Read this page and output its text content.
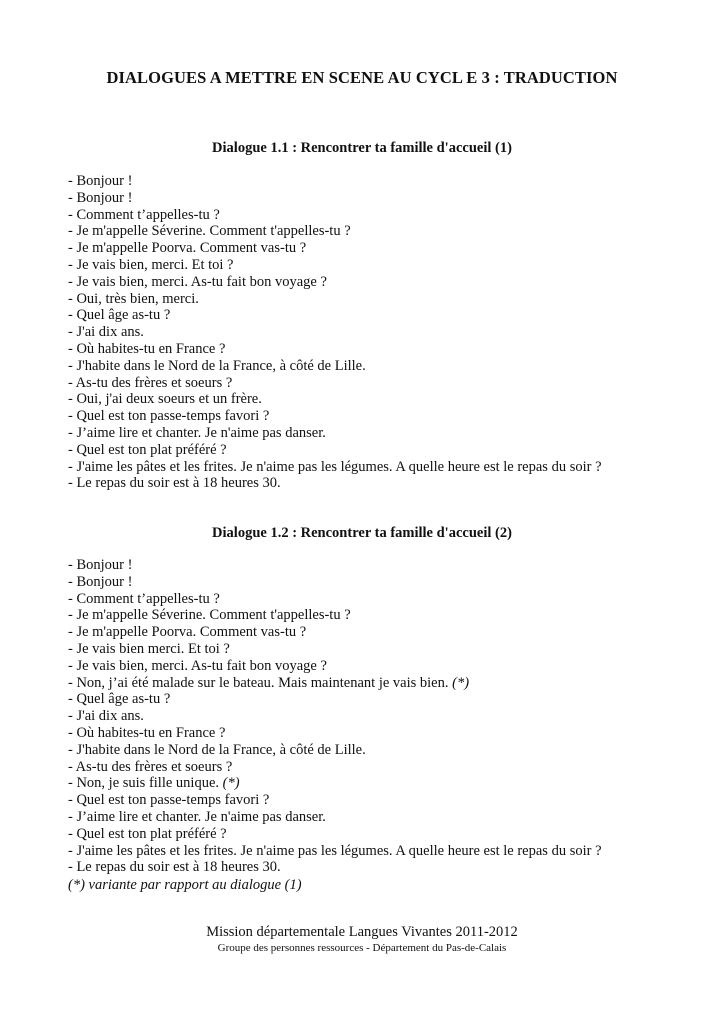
DIALOGUES A METTRE EN SCENE AU CYCL E 3 : TRADUCTION
Dialogue 1.1 : Rencontrer ta famille d'accueil (1)
- Bonjour !
- Bonjour !
- Comment t’appelles-tu ?
- Je m'appelle Séverine. Comment t'appelles-tu ?
- Je m'appelle Poorva. Comment vas-tu ?
- Je vais bien, merci. Et toi ?
- Je vais bien, merci. As-tu fait bon voyage ?
- Oui, très bien, merci.
- Quel âge as-tu ?
- J'ai dix ans.
- Où habites-tu en France ?
- J'habite dans le Nord de la France, à côté de Lille.
- As-tu des frères et soeurs ?
- Oui, j'ai deux soeurs et un frère.
- Quel est ton passe-temps favori ?
- J’aime lire et chanter. Je n'aime pas danser.
- Quel est ton plat préféré ?
- J'aime les pâtes et les frites. Je n'aime pas les légumes. A quelle heure est le repas du soir ?
- Le repas du soir est à 18 heures 30.
Dialogue 1.2 : Rencontrer ta famille d'accueil (2)
- Bonjour !
- Bonjour !
- Comment t’appelles-tu ?
- Je m'appelle Séverine. Comment t'appelles-tu ?
- Je m'appelle Poorva. Comment vas-tu ?
- Je vais bien merci. Et toi ?
- Je vais bien, merci. As-tu fait bon voyage ?
- Non, j’ai été malade sur le bateau. Mais maintenant je vais bien. (*)
- Quel âge as-tu ?
- J'ai dix ans.
- Où habites-tu en France ?
- J'habite dans le Nord de la France, à côté de Lille.
- As-tu des frères et soeurs ?
- Non, je suis fille unique. (*)
- Quel est ton passe-temps favori ?
- J’aime lire et chanter. Je n'aime pas danser.
- Quel est ton plat préféré ?
- J'aime les pâtes et les frites. Je n'aime pas les légumes. A quelle heure est le repas du soir ?
- Le repas du soir est à 18 heures 30.
(*) variante par rapport au dialogue (1)
Mission départementale Langues Vivantes 2011-2012
Groupe des personnes ressources - Département du Pas-de-Calais
